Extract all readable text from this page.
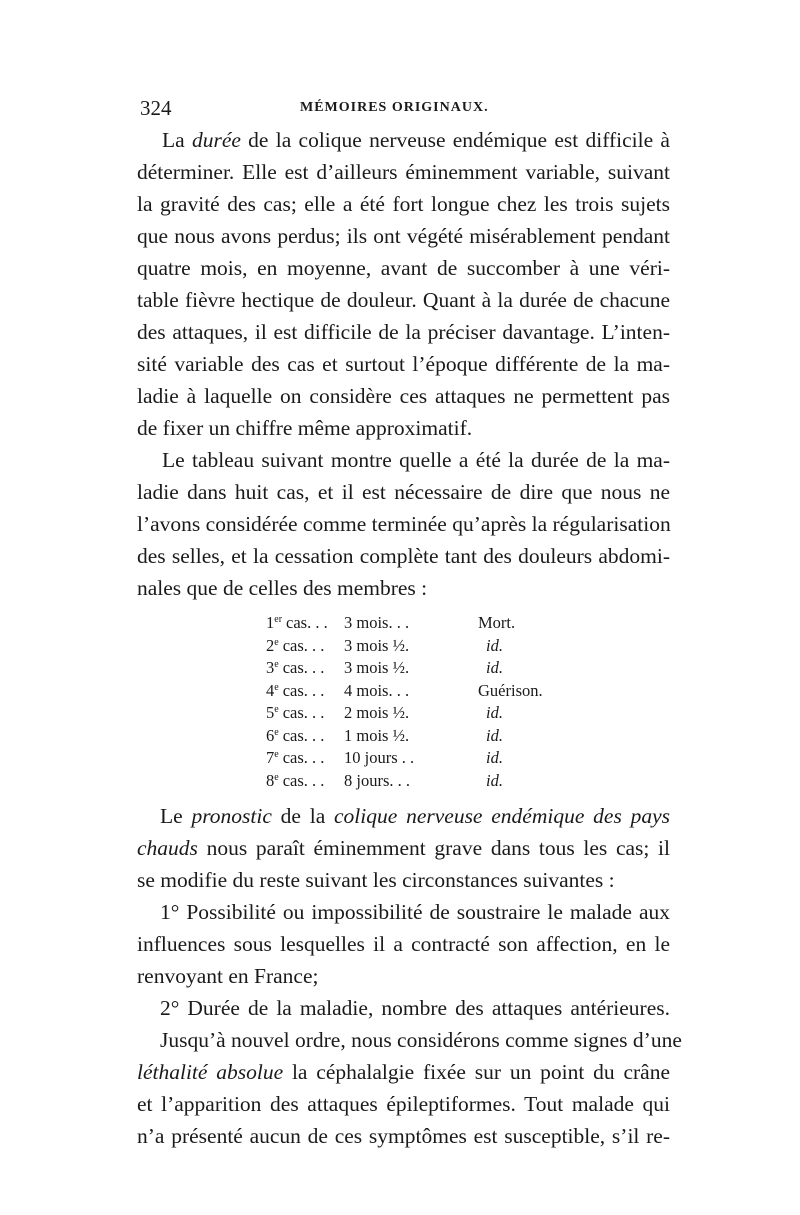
324	MÉMOIRES ORIGINAUX.
La durée de la colique nerveuse endémique est difficile à
déterminer. Elle est d’ailleurs éminemment variable, suivant
la gravité des cas; elle a été fort longue chez les trois sujets
que nous avons perdus; ils ont végété misérablement pendant
quatre mois, en moyenne, avant de succomber à une véri-
table fièvre hectique de douleur. Quant à la durée de chacune
des attaques, il est difficile de la préciser davantage. L’inten-
sité variable des cas et surtout l’époque différente de la ma-
ladie à laquelle on considère ces attaques ne permettent pas
de fixer un chiffre même approximatif.
Le tableau suivant montre quelle a été la durée de la ma-
ladie dans huit cas, et il est nécessaire de dire que nous ne
l’avons considérée comme terminée qu’après la régularisation
des selles, et la cessation complète tant des douleurs abdomi-
nales que de celles des membres :
1er cas. . . 3 mois. . .	Mort.
2e cas. . . 3 mois ½.	id.
3e cas. . . 3 mois ½.	id.
4e cas. . . 4 mois. . .	Guérison.
5e cas. . . 2 mois ½.	id.
6e cas. . . 1 mois ½.	id.
7e cas. . . 10 jours . .	id.
8e cas. . . 8 jours. . .	id.
Le pronostic de la colique nerveuse endémique des pays
chauds nous paraît éminemment grave dans tous les cas; il
se modifie du reste suivant les circonstances suivantes :
1° Possibilité ou impossibilité de soustraire le malade aux
influences sous lesquelles il a contracté son affection, en le
renvoyant en France;
2° Durée de la maladie, nombre des attaques antérieures.
Jusqu’à nouvel ordre, nous considérons comme signes d’une
léthalité absolue la céphalalgie fixée sur un point du crâne
et l’apparition des attaques épileptiformes. Tout malade qui
n’a présenté aucun de ces symptômes est susceptible, s’il re-
